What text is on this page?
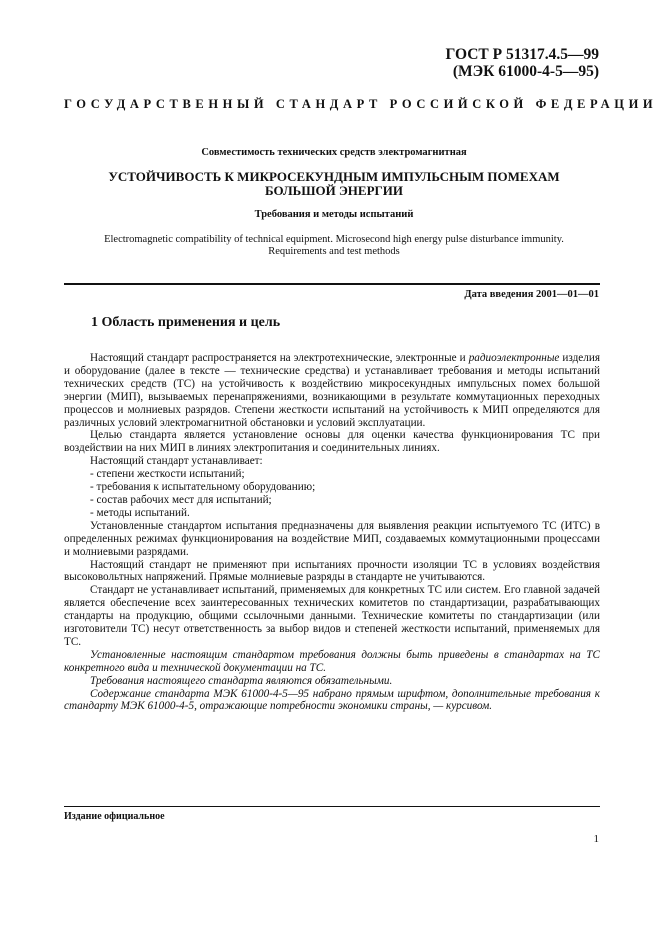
ГОСТ Р 51317.4.5—99
(МЭК 61000-4-5—95)
ГОСУДАРСТВЕННЫЙ СТАНДАРТ РОССИЙСКОЙ ФЕДЕРАЦИИ
Совместимость технических средств электромагнитная
УСТОЙЧИВОСТЬ К МИКРОСЕКУНДНЫМ ИМПУЛЬСНЫМ ПОМЕХАМ
БОЛЬШОЙ ЭНЕРГИИ
Требования и методы испытаний
Electromagnetic compatibility of technical equipment. Microsecond high energy pulse disturbance immunity.
Requirements and test methods
Дата введения 2001—01—01
1 Область применения и цель

Настоящий стандарт распространяется на электротехнические, электронные и радиоэлектронные изделия и оборудование (далее в тексте — технические средства) и устанавливает требования и методы испытаний технических средств (ТС) на устойчивость к воздействию микросекундных импульсных помех большой энергии (МИП), вызываемых перенапряжениями, возникающими в результате коммутационных переходных процессов и молниевых разрядов. Степени жесткости испытаний на устойчивость к МИП определяются для различных условий электромагнитной обстановки и условий эксплуатации.

Целью стандарта является установление основы для оценки качества функционирования ТС при воздействии на них МИП в линиях электропитания и соединительных линиях.

Настоящий стандарт устанавливает:

- степени жесткости испытаний;

- требования к испытательному оборудованию;

- состав рабочих мест для испытаний;

- методы испытаний.

Установленные стандартом испытания предназначены для выявления реакции испытуемого ТС (ИТС) в определенных режимах функционирования на воздействие МИП, создаваемых коммутационными процессами и молниевыми разрядами.

Настоящий стандарт не применяют при испытаниях прочности изоляции ТС в условиях воздействия высоковольтных напряжений. Прямые молниевые разряды в стандарте не учитываются.

Стандарт не устанавливает испытаний, применяемых для конкретных ТС или систем. Его главной задачей является обеспечение всех заинтересованных технических комитетов по стандартизации, разрабатывающих стандарты на продукцию, общими ссылочными данными. Технические комитеты по стандартизации (или изготовители ТС) несут ответственность за выбор видов и степеней жесткости испытаний, применяемых для ТС.

Установленные настоящим стандартом требования должны быть приведены в стандартах на ТС конкретного вида и технической документации на ТС.

Требования настоящего стандарта являются обязательными.

Содержание стандарта МЭК 61000-4-5—95 набрано прямым шрифтом, дополнительные требования к стандарту МЭК 61000-4-5, отражающие потребности экономики страны, — курсивом.

Издание официальное
1
